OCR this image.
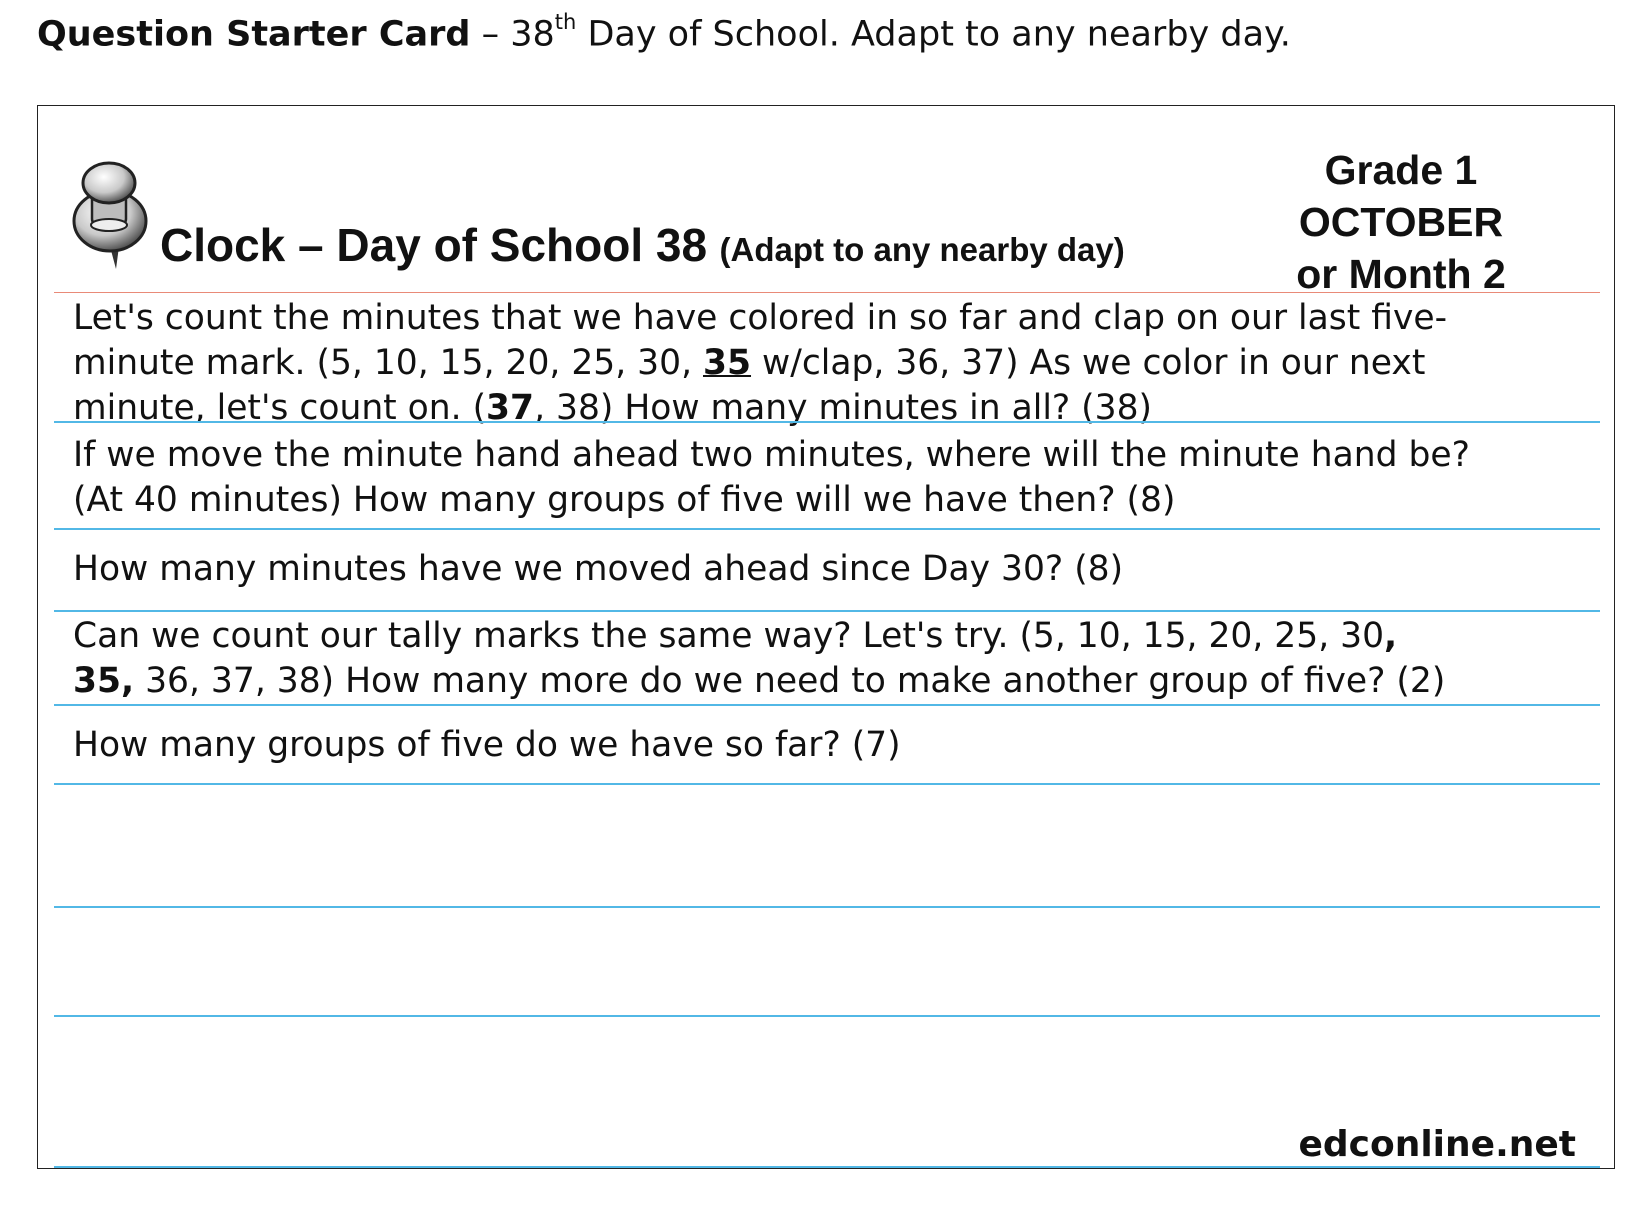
Question Starter Card – 38th Day of School. Adapt to any nearby day.
Clock – Day of School 38 (Adapt to any nearby day)
Grade 1
OCTOBER
or Month 2
Let's count the minutes that we have colored in so far and clap on our last five-
minute mark. (5, 10, 15, 20, 25, 30, 35 w/clap, 36, 37) As we color in our next
minute, let's count on. (37, 38) How many minutes in all? (38)
If we move the minute hand ahead two minutes, where will the minute hand be?
(At 40 minutes) How many groups of five will we have then? (8)
How many minutes have we moved ahead since Day 30? (8)
Can we count our tally marks the same way? Let's try. (5, 10, 15, 20, 25, 30,
35, 36, 37, 38) How many more do we need to make another group of five? (2)
How many groups of five do we have so far? (7)
edconline.net
